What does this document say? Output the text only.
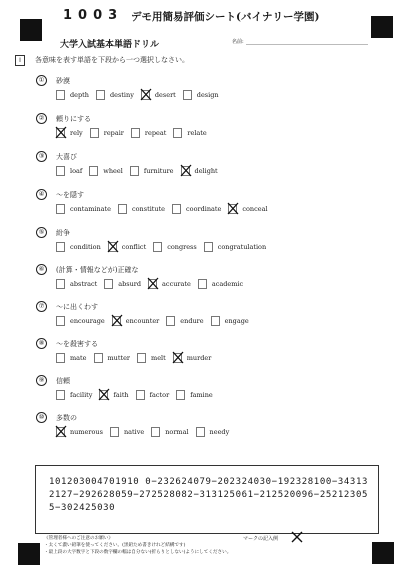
1003 デモ用簡易評価シート(バイナリー学園)
大学入試基本単語ドリル	名前:
I	各意味を表す単語を下段から一つ選択しなさい。
①	砂漠
depth	destiny	desert	design
②	頼りにする
rely	repair	repeat	relate
③	大喜び
loaf	wheel	furniture	delight
④	〜を隠す
contaminate	constitute	coordinate	conceal
⑤	紛争
condition	conflict	congress	congratulation
⑥	(計算・情報などが)正確な
abstract	absurd	accurate	academic
⑦	〜に出くわす
encourage	encounter	endure	engage
⑧	〜を殺害する
mate	mutter	melt	murder
⑨	信頼
facility	faith	factor	famine
⑩	多数の
numerous	native	normal	needy
101203004701910 0−232624079−202324030−192328100−343132127−292628059−272528082−313125061−212520096−252123055−302425030
《管理者様へのご注意のお願い》
・太くて濃い鉛筆を使ってください。(黒鉛ため書きけれど結構です)
・最上段の大字数字と下段の数字欄の幅は自分ない(折らりとしない)ようにしてください。
マークの記入例
